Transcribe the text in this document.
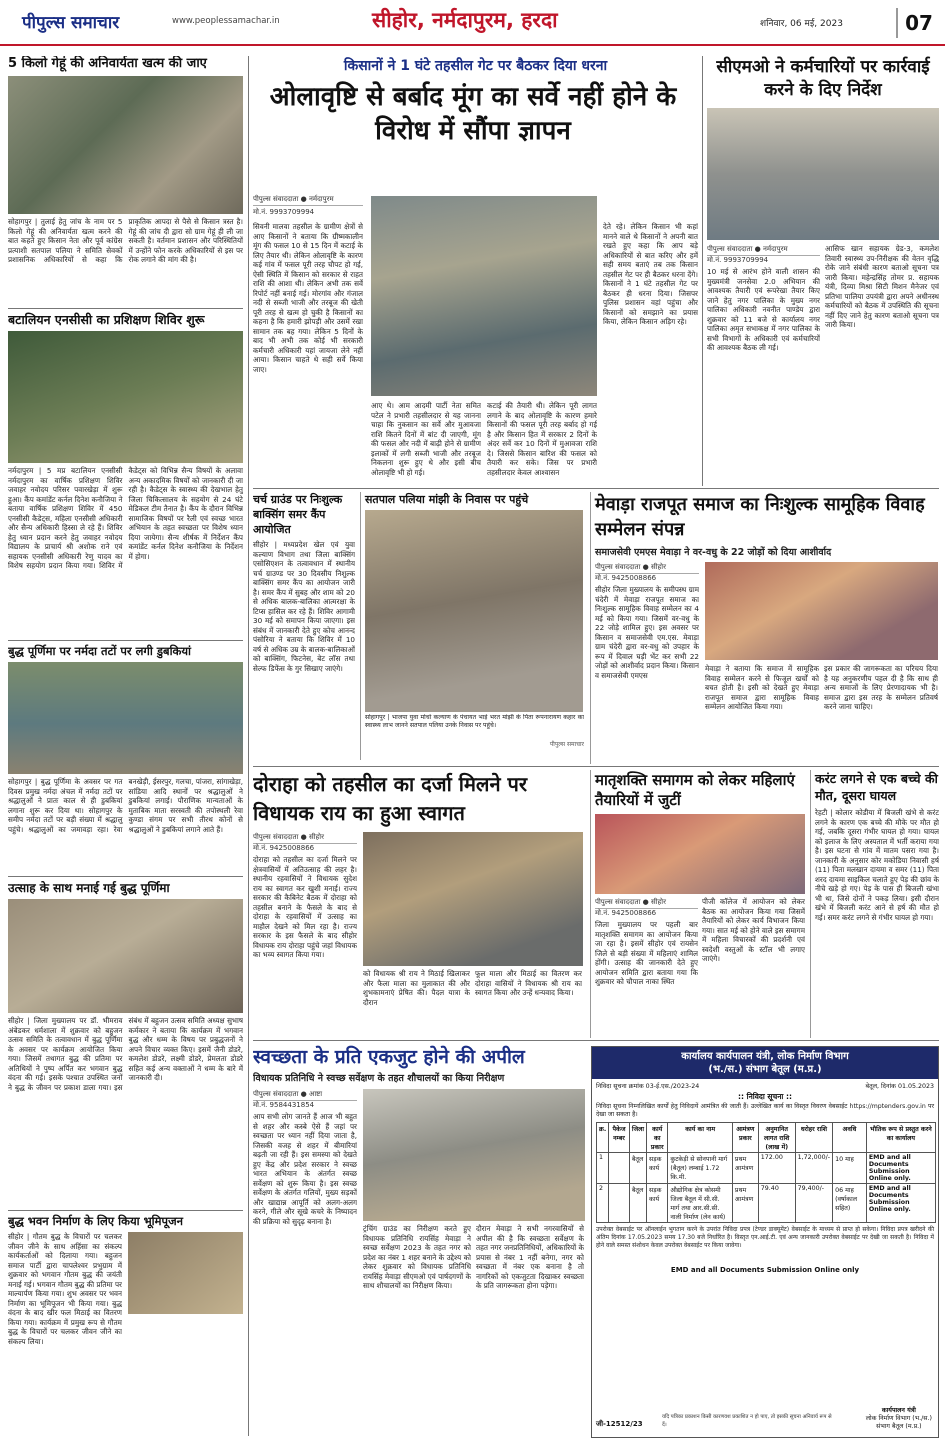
पीपुल्स समाचार	www.peoplessamachar.in	सीहोर, नर्मदापुरम, हरदा	शनिवार, 06 मई, 2023	07
5 किलो गेहूं की अनिवार्यता खत्म की जाए
सोहागपुर | तुलाई हेतु जांच के नाम पर 5 किलो गेहूं की अनिवार्यता खत्म करने की बात कहते हुए किसान नेता और पूर्व कांग्रेस प्रत्याशी सतपाल पलिया ने समिति सेवकों प्रशासनिक अधिकारियों से कहा कि प्राकृतिक आपदा से पैसे से किसान त्रस्त है। गेहूं की जांच दी द्वारा सो ग्राम गेहूं ही ली जा सकती है। वर्तमान प्रशासन और परिस्थितियों में उन्होंने फोन करके अधिकारियों से इस पर रोक लगाने की मांग की है।
बटालियन एनसीसी का प्रशिक्षण शिविर शुरू
नर्मदापुरम | 5 मप्र बटालियन एनसीसी नर्मदापुरम का वार्षिक प्रशिक्षण शिविर जवाहर नवोदय परिसर पवारखेड़ा में शुरू हुआ। कैंप कमांडेंट कर्नल दिनेश कनौजिया ने बताया वार्षिक प्रशिक्षण शिविर में 450 एनसीसी कैडेट्स, महिला एनसीसी अधिकारी और सैन्य अधिकारी हिस्सा ले रहे हैं। शिविर हेतु ध्यान प्रदान करने हेतु जवाहर नवोदय विद्यालय के प्राचार्य श्री अशोक राने एवं सहायक एनसीसी अधिकारी रेणु यादव का विशेष सहयोग प्रदान किया गया। शिविर में कैडेट्स को विभिन्न सैन्य विषयों के अलावा अन्य अकादमिक विषयों को जानकारी दी जा रही है। कैडेट्स के स्वास्थ्य की देखभाल हेतु जिला चिकित्सालय के सहयोग से 24 घंटे मेडिकल टीम तैनात है। कैंप के दौरान विभिन्न सामाजिक विषयों पर रैली एवं स्वच्छ भारत अभियान के तहत स्वच्छता पर विशेष ध्यान दिया जायेगा। सैन्य शीर्षक में निर्देशन कैंप कमांडेंट कर्नल दिनेश कनौजिया के निर्देशन में होगा।
बुद्ध पूर्णिमा पर नर्मदा तटों पर लगी डुबकियां
सोहागपुर | बुद्ध पूर्णिमा के अवसर पर गत दिवस प्रमुख नर्मदा अंचल में नर्मदा तटों पर श्रद्धालुओं ने प्रातः काल से ही डुबकियां लगाना शुरू कर दिया था। सोहागपुर के समीप नर्मदा तटों पर बड़ी संख्या में श्रद्धालु पहुंचे। श्रद्धालुओं का जमावड़ा रहा। रेवा बनखेड़ी, ईसरपुर, गलचा, पांजरा, सांगाखेड़ा, सांडिया आदि स्थानों पर श्रद्धालुओं ने डुबकियां लगाई। पौराणिक मान्यताओं के मुताबिक माता सरस्वती की तपोस्थली रेवा कुण्डा संगम पर सभी तीरथ कोनों से श्रद्धालुओं ने डुबकियां लगाने आते हैं।
उत्साह के साथ मनाई गई बुद्ध पूर्णिमा
सीहोर | जिला मुख्यालय पर डॉ. भीमराव अंबेडकर धर्मशाला में शुक्रवार को बहुजन उत्सव समिति के तत्वावधान में बुद्ध पूर्णिमा के अवसर पर कार्यक्रम आयोजित किया गया। जिसमें तथागत बुद्ध की प्रतिमा पर अतिथियों ने पुष्प अर्पित कर भगवान बुद्ध वंदना की गई। इसके पश्चात उपस्थित जनों ने बुद्ध के जीवन पर प्रकाश डाला गया। इस संबंध में बहुजन उत्सव समिति अध्यक्ष सुभाष कर्मकार ने बताया कि कार्यक्रम में भगवान बुद्ध और धम्म के विषय पर प्रबुद्धजनों ने अपने विचार व्यक्त किए। इसमें जैनी डोडरे, कमलेश डोडरे, लक्ष्मी डोडरे, प्रेमलता डोडरे सहित कई अन्य वक्ताओं ने धम्म के बारे में जानकारी दी।
बुद्ध भवन निर्माण के लिए किया भूमिपूजन
सीहोर | गौतम बुद्ध के विचारों पर चलकर जीवन जीने के साथ अहिंसा का संकल्प कार्यकर्ताओं को दिलाया गया। बहुजन समाज पार्टी द्वारा चापलेश्वर प्रभुग्राम में शुक्रवार को भगवान गौतम बुद्ध की जयंती मनाई गई। भगवान गौतम बुद्ध की प्रतिमा पर माल्यार्पण किया गया। शुभ अवसर पर भवन निर्माण का भूमिपूजन भी किया गया। बुद्ध वंदना के बाद खीर फल मिठाई का वितरण किया गया। कार्यक्रम में प्रमुख रूप से गौतम बुद्ध के विचारों पर चलकर जीवन जीने का संकल्प लिया।
किसानों ने 1 घंटे तहसील गेट पर बैठकर दिया धरना
ओलावृष्टि से बर्बाद मूंग का सर्वे नहीं होने के विरोध में सौंपा ज्ञापन
पीपुल्स संवाददाता ● नर्मदापुरम
मो.नं. 9993709994
सिवनी मालवा तहसील के ग्रामीण क्षेत्रों से आए किसानों ने बताया कि ग्रीष्मकालीन मूंग की फसल 10 से 15 दिन में कटाई के लिए तैयार थी। लेकिन ओलावृष्टि के कारण कई गांव में फसल पूरी तरह चौपट हो गई, ऐसी स्थिति में किसान को सरकार से राहत राशि की आशा थी। लेकिन अभी तक सर्वे रिपोर्ट नहीं बनाई गई। मोरगांव और गंजाल नदी से सब्जी भाजी और तरबूज की खेती पूरी तरह से खत्म हो चुकी है किसानों का कहना है कि हमारी झोपड़ी और उसमें रखा सामान तक बह गया। लेकिन 5 दिनों के बाद भी अभी तक कोई भी सरकारी कर्मचारी अधिकारी यहां जायजा लेने नहीं आया। किसान चाहते थे सही सर्वे किया जाए।
आए थे। आम आदमी पार्टी नेता समित पटेल ने प्रभारी तहसीलदार से यह जानना चाहा कि नुकसान का सर्वे और मुआवजा राशि कितने दिनों में बांट दी जाएगी, मूंग की फसल और नदी में बाढ़ी होने से ग्रामीण इलाकों में लगी सब्जी भाजी और तरबूज निकलना शुरू हुए थे और इसी बीच ओलावृष्टि भी हो गई।
कटाई की तैयारी थी। लेकिन पूरी लागत लगाने के बाद ओलावृष्टि के कारण हमारे किसानों की फसल पूरी तरह बर्बाद हो गई है और किसान हित में सरकार 2 दिनों के अंदर सर्वे कर 10 दिनों में मुआवजा राशि दे। जिससे किसान बारिश की फसल को तैयारी कर सके। जिस पर प्रभारी तहसीलदार केवल आश्वासन
देते रहे। लेकिन किसान भी कहां मानने वाले थे किसानों ने अपनी बात रखते हुए कहा कि आप बड़े अधिकारियों से बात करिए और हमें सही समय बताएं तब तक किसान तहसील गेट पर ही बैठकर धरना देंगे। किसानों ने 1 घंटे तहसील गेट पर बैठकर ही धरना दिया। जिसपर पुलिस प्रशासन वहां पहुंचा और किसानों को समझाने का प्रयास किया, लेकिन किसान अड़िग रहे।
सीएमओ ने कर्मचारियों पर कार्रवाई करने के दिए निर्देश
पीपुल्स संवाददाता ● नर्मदापुरम
मो.नं. 9993709994
10 मई से आरंभ होने वाली शासन की मुख्यमंत्री जनसेवा 2.0 अभियान की आवश्यक तैयारी एवं रूपरेखा तैयार किए जाने हेतु नगर पालिका के मुख्य नगर पालिका अधिकारी नवनीत पाण्डेय द्वारा शुक्रवार को 11 बजे से कार्यालय नगर पालिका अमृत सभाकक्ष में नगर पालिका के सभी विभागों के अधिकारी एवं कर्मचारियों की आवश्यक बैठक ली गई।
आसिफ खान सहायक ग्रेड-3, कमलेश तिवारी स्वास्थ्य उप-निरीक्षक की वेतन वृद्धि रोके जाने संबंधी कारण बताओ सूचना पत्र जारी किया। महेन्द्रसिंह तोमर प्र. सहायक यंत्री, दिव्या मिश्रा सिटी मिशन मैनेजर एवं प्रतिभा पालिया उपयंत्री द्वारा अपने अधीनस्थ कर्मचारियों को बैठक में उपस्थिति की सूचना नहीं दिए जाने हेतु कारण बताओ सूचना पत्र जारी किया।
चर्च ग्राउंड पर निःशुल्क बाक्सिंग समर कैंप आयोजित
सीहोर | मध्यप्रदेश खेल एवं युवा कल्याण विभाग तथा जिला बाक्सिंग एसोसिएशन के तत्वावधान में स्थानीय चर्च ग्राउण्ड पर 30 दिवसीय निशुल्क बाक्सिंग समर कैंप का आयोजन जारी है। समर कैंप में सुबह और शाम को 20 से अधिक बालक-बालिका आत्मरक्षा के टिप्स हासिल कर रहे हैं। शिविर आगामी 30 मई को समापन किया जाएगा। इस संबंध में जानकारी देते हुए कोच आनन्द पंसोरिया ने बताया कि शिविर में 10 वर्ष से अधिक उम्र के बालक-बालिकाओं को बाक्सिंग, फिटनेस, बेट लॉस तथा सेल्फ डिफेंस के गुर सिखाए जाएंगे।
सतपाल पलिया मांझी के निवास पर पहुंचे
सोहागपुर | भाजपा युवा मोर्चा कल्याण के पंचायत भाई भरत मांझी के पिता रूपनारायण कहार का स्वास्थ्य लाभ जानने सतपाल पलिया उनके निवास पर पहुंचे।
पीपुल्स समाचार
मेवाड़ा राजपूत समाज का निःशुल्क सामूहिक विवाह सम्मेलन संपन्न
समाजसेवी एमएस मेवाड़ा ने वर-वधु के 22 जोड़ों को दिया आशीर्वाद
पीपुल्स संवाददाता ● सीहोर
मो.नं. 9425008866
सीहोर जिला मुख्यालय के समीपस्थ ग्राम चंदेरी में मेवाड़ा राजपूत समाज का निःशुल्क सामूहिक विवाह सम्मेलन का 4 मई को किया गया। जिसमें वर-वधु के 22 जोड़े शामिल हुए। इस अवसर पर किसान व समाजसेवी एम.एस. मेवाड़ा ग्राम चंदेरी द्वारा वर-वधु को उपहार के रूप में दिवाल घड़ी भेंट कर सभी 22 जोड़ों को आशीर्वाद प्रदान किया। किसान व समाजसेवी एमएस
मेवाड़ा ने बताया कि समाज में सामूहिक विवाह सम्मेलन करने से फिजूल खर्चों को बचत होती है। इसी को देखते हुए मेवाड़ा राजपूत समाज द्वारा सामूहिक विवाह सम्मेलन आयोजित किया गया।
इस प्रकार की जागरूकता का परिचय दिया है यह अनुकरणीय पहल दी है कि साथ ही अन्य समाजों के लिए प्रेरणादायक भी है। समाज द्वारा इस तरह के सम्मेलन प्रतिवर्ष करने जाना चाहिए।
दोराहा को तहसील का दर्जा मिलने पर विधायक राय का हुआ स्वागत
पीपुल्स संवाददाता ● सीहोर
मो.नं. 9425008866
दोराहा को तहसील का दर्जा मिलने पर क्षेत्रवासियों में अतिउत्साह की लहर है। स्थानीय रहवासियों ने विधायक सुदेश राय का स्वागत कर खुशी मनाई। राज्य सरकार की कैबिनेट बैठक में दोराहा को तहसील बनाने के फैसले के बाद से दोराहा के रहवासियों में उत्साह का माहौल देखने को मिल रहा है। राज्य सरकार के इस फैसले के बाद सीहोर विधायक राय दोराहा पहुंचे जहां विधायक का भव्य स्वागत किया गया।
को विधायक श्री राय ने मिठाई खिलाकर और फैला माला का मुलाकात की और शुभकामनाएं प्रेषित की। पैदल यात्रा के दौरान
फूल माला और मिठाई का वितरण कर दोराहा वासियों ने विधायक श्री राय का स्वागत किया और उन्हें धन्यवाद किया।
मातृशक्ति समागम को लेकर महिलाएं तैयारियों में जुटीं
पीपुल्स संवाददाता ● सीहोर
मो.नं. 9425008866
जिला मुख्यालय पर पहली बार मातृशक्ति समागम का आयोजन किया जा रहा है। इसमें सीहोर एवं रायसेन जिले से बड़ी संख्या में महिलाएं शामिल होंगी। उत्साह की जानकारी देते हुए आयोजन समिति द्वारा बताया गया कि शुक्रवार को चौपाल नाका स्थित
पीजी कॉलेज में आयोजन को लेकर बैठक का आयोजन किया गया जिसमें तैयारियों को लेकर कार्य विभाजन किया गया। सात मई को होने वाले इस समागम में महिला विचारकों की प्रदर्शनी एवं स्वदेशी वस्तुओं के स्टॉल भी लगाए जाएंगे।
करंट लगने से एक बच्चे की मौत, दूसरा घायल
रेहटी | कोलार कोडीया में बिजली खंभे से करंट लगने के कारण एक बच्चे की मौके पर मौत हो गई, जबकि दूसरा गंभीर घायल हो गया। घायल को इलाज के लिए अस्पताल में भर्ती कराया गया है। इस घटना से गांव में मातम पसरा गया है। जानकारी के अनुसार कोर मकोडिया निवासी हर्ष (11) पिता मलखान दायमा व समर (11) पिता शरद दायमा साइकिल चलाते हुए पेड़ की छांव के नीचे खड़े हो गए। पेड़ के पास ही बिजली खंभा भी था, जिसे दोनों ने पकड़ लिया। इसी दौरान खंभे में बिजली करंट आने से हर्ष की मौत हो गई। समर करंट लगने से गंभीर घायल हो गया।
स्वच्छता के प्रति एकजुट होने की अपील
विधायक प्रतिनिधि ने स्वच्छ सर्वेक्षण के तहत शौचालयों का किया निरीक्षण
पीपुल्स संवाददाता ● आष्टा
मो.नं. 9584431854
आप सभी लोग जानते हैं आज भी बहुत से शहर और कस्बे ऐसे हैं जहां पर स्वच्छता पर ध्यान नहीं दिया जाता है, जिसकी वजह से शहर में बीमारियां बढ़ती जा रही हैं। इस समस्या को देखते हुए केंद्र और प्रदेश सरकार ने स्वच्छ भारत अभियान के अंतर्गत स्वच्छ सर्वेक्षण को शुरू किया है। इस स्वच्छ सर्वेक्षण के अंतर्गत गलियों, मुख्य सड़कों और खाद्यान्न आपूर्ति को अलग-अलग करने, गीले और सूखे कचरे के निष्पादन की प्रक्रिया को सुदृढ़ बनाना है।
ट्रंचिंग ग्राउंड का निरीक्षण करते हुए विधायक प्रतिनिधि रायसिंह मेवाड़ा ने स्वच्छ सर्वेक्षण 2023 के तहत नगर को प्रदेश का नंबर 1 शहर बनाने के उद्देश्य को लेकर शुक्रवार को विधायक प्रतिनिधि रायसिंह मेवाड़ा सीएमओ एवं पार्षदगणों के साथ शौचालयों का निरीक्षण किया।
दौरान मेवाड़ा ने सभी नगरवासियों से अपील की है कि स्वच्छता सर्वेक्षण के तहत नगर जनप्रतिनिधियों, अधिकारियों के प्रयास से नंबर 1 नहीं बनेगा, नगर को स्वच्छता में नंबर एक बनाना है तो नागरिकों को एकजुटता दिखाकर स्वच्छता के प्रति जागरूकता होना पड़ेगा।
कार्यालय कार्यपालन यंत्री, लोक निर्माण विभाग
(भ./स.) संभाग बेतूल (म.प्र.)
निविदा सूचना क्रमांक 03-ई.एस./2023-24	बेतूल, दिनांक 01.05.2023
:: निविदा सूचना ::
निविदा सूचना निम्नलिखित कार्यों हेतु निविदायें आमंत्रित की जाती हैं। उल्लेखित कार्य का विस्तृत विवरण वेबसाईट https://mptenders.gov.in पर देखा जा सकता है।
क्र.	पैकेज नम्बर	जिला	कार्य का प्रकार	कार्य का नाम	आमंत्रण प्रकार	अनुमानित लागत राशि (लाख में)	धरोहर राशि	अवधि	भौतिक रूप से प्रस्तुत करने का कार्यालय
1		बैतूल	सड़क कार्य	कुटकेड़ी से सोनपानी मार्ग (बैतूल) लम्बाई 1.72 कि.मी.	प्रथम आमंत्रण	172.00	1,72,000/-	10 माह	EMD and all Documents Submission Online only.
2		बैतूल	सड़क कार्य	औद्योगिक क्षेत्र कोसमी जिला बैतूल में सी.सी. मार्ग तथा आर.सी.सी. नाली निर्माण (लेन कार्य)	प्रथम आमंत्रण	79.40	79,400/-	06 माह (वर्षाकाल सहित)	EMD and all Documents Submission Online only.
उपरोक्त वेबसाईट पर ऑनलाईन भुगतान करने के उपरांत निविदा प्रपत्र (टेण्डर डाक्यूमेंट) वेबसाईट के माध्यम से प्राप्त हो सकेगा। निविदा प्रपत्र खरीदने की अंतिम दिनांक 17.05.2023 समय 17.30 बजे निर्धारित है। विस्तृत एन.आई.टी. एवं अन्य जानकारी उपरोक्त वेबसाईट पर देखी जा सकती है। निविदा में होने वाले समस्त संशोधन केवल उपरोक्त वेबसाईट पर किया जावेगा।
EMD and all Documents Submission Online only
जी-12512/23
यदि पत्रिका प्रकाशन किसी कारणवश प्रकाशित न हो पाए, तो इसकी सूचना अनिवार्य रूप से दें।
कार्यपालन यंत्री
लोक निर्माण विभाग (भ./स.)
संभाग बैतूल (म.प्र.)
